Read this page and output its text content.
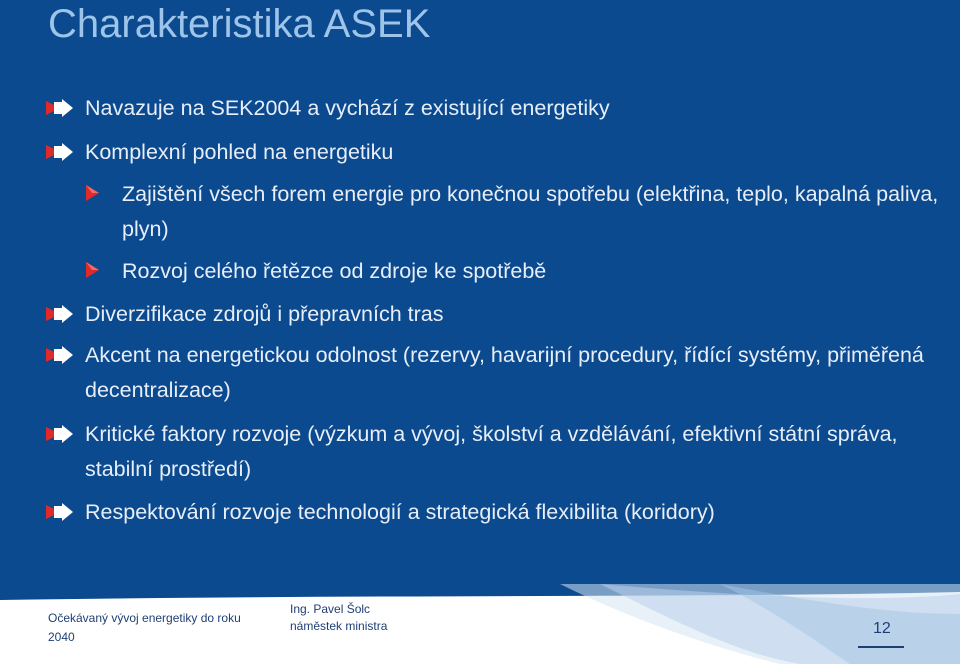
Charakteristika ASEK

Navazuje na SEK2004 a vychází z existující energetiky

Komplexní pohled na energetiku

Zajištění všech forem energie pro konečnou spotřebu (elektřina, teplo, kapalná paliva, plyn)

Rozvoj celého řetězce od zdroje ke spotřebě

Diverzifikace zdrojů i přepravních tras

Akcent na energetickou odolnost (rezervy, havarijní procedury, řídící systémy, přiměřená decentralizace)

Kritické faktory rozvoje (výzkum a vývoj, školství a vzdělávání, efektivní státní správa, stabilní prostředí)

Respektování rozvoje technologií a strategická flexibilita (koridory)

Očekávaný vývoj energetiky do roku 2040

Ing. Pavel Šolc

náměstek ministra	12
